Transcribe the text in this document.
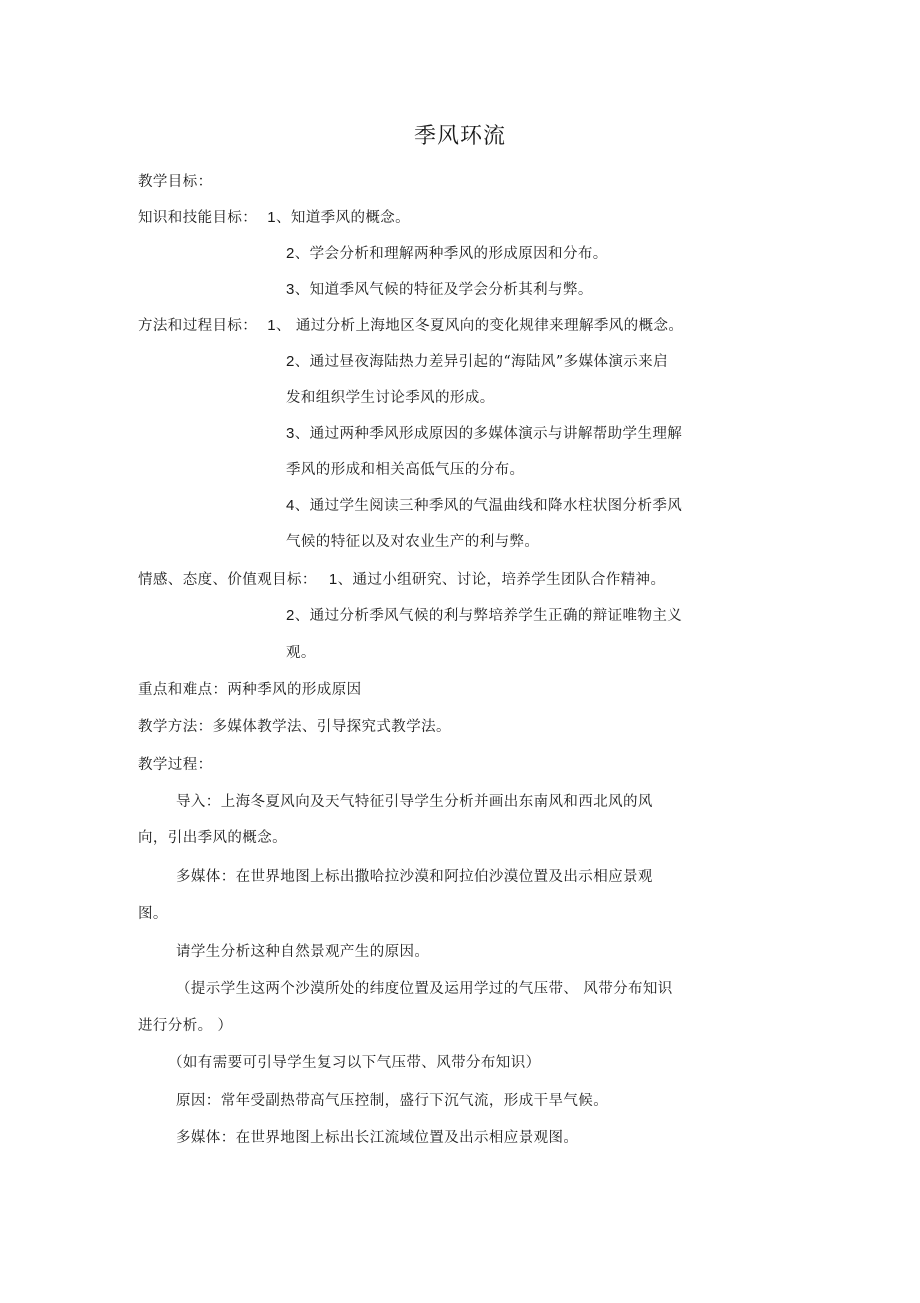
季风环流
教学目标：
知识和技能目标： 1、知道季风的概念。
2、学会分析和理解两种季风的形成原因和分布。
3、知道季风气候的特征及学会分析其利与弊。
方法和过程目标： 1、 通过分析上海地区冬夏风向的变化规律来理解季风的概念。
2、通过昼夜海陆热力差异引起的“海陆风”多媒体演示来启
发和组织学生讨论季风的形成。
3、通过两种季风形成原因的多媒体演示与讲解帮助学生理解
季风的形成和相关高低气压的分布。
4、通过学生阅读三种季风的气温曲线和降水柱状图分析季风
气候的特征以及对农业生产的利与弊。
情感、态度、价值观目标： 1、通过小组研究、讨论，培养学生团队合作精神。
2、通过分析季风气候的利与弊培养学生正确的辩证唯物主义
观。
重点和难点：两种季风的形成原因
教学方法：多媒体教学法、引导探究式教学法。
教学过程：
导入：上海冬夏风向及天气特征引导学生分析并画出东南风和西北风的风
向，引出季风的概念。
多媒体：在世界地图上标出撒哈拉沙漠和阿拉伯沙漠位置及出示相应景观
图。
请学生分析这种自然景观产生的原因。
（提示学生这两个沙漠所处的纬度位置及运用学过的气压带、 风带分布知识
进行分析。 ）
（如有需要可引导学生复习以下气压带、风带分布知识）
原因：常年受副热带高气压控制，盛行下沉气流，形成干旱气候。
多媒体：在世界地图上标出长江流域位置及出示相应景观图。
